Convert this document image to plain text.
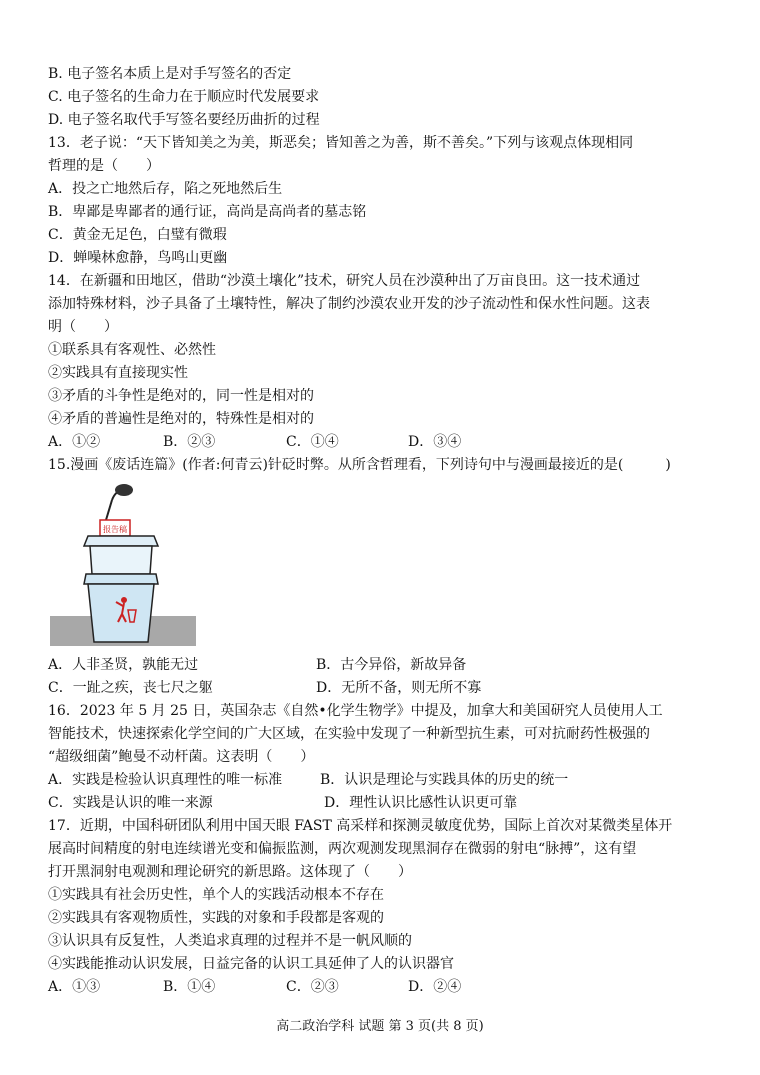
B. 电子签名本质上是对手写签名的否定
C. 电子签名的生命力在于顺应时代发展要求
D. 电子签名取代手写签名要经历曲折的过程
13．老子说：“天下皆知美之为美，斯恶矣；皆知善之为善，斯不善矣。”下列与该观点体现相同
哲理的是（　　）
A．投之亡地然后存，陷之死地然后生
B．卑鄙是卑鄙者的通行证，高尚是高尚者的墓志铭
C．黄金无足色，白璧有微瑕
D．蝉噪林愈静，鸟鸣山更幽
14．在新疆和田地区，借助“沙漠土壤化”技术，研究人员在沙漠种出了万亩良田。这一技术通过
添加特殊材料，沙子具备了土壤特性，解决了制约沙漠农业开发的沙子流动性和保水性问题。这表
明（　　）
①联系具有客观性、必然性
②实践具有直接现实性
③矛盾的斗争性是绝对的，同一性是相对的
④矛盾的普遍性是绝对的，特殊性是相对的
A．①②	B．②③	C．①④	D．③④
15.漫画《废话连篇》(作者:何青云)针砭时弊。从所含哲理看，下列诗句中与漫画最接近的是(　　　)
报告稿
A．人非圣贤，孰能无过	B．古今异俗，新故异备
C．一趾之疾，丧七尺之躯	D．无所不备，则无所不寡
16．2023 年 5 月 25 日，英国杂志《自然•化学生物学》中提及，加拿大和美国研究人员使用人工
智能技术，快速探索化学空间的广大区域，在实验中发现了一种新型抗生素，可对抗耐药性极强的
“超级细菌”鲍曼不动杆菌。这表明（　　）
A．实践是检验认识真理性的唯一标准	B．认识是理论与实践具体的历史的统一
C．实践是认识的唯一来源	D．理性认识比感性认识更可靠
17．近期，中国科研团队利用中国天眼 FAST 高采样和探测灵敏度优势，国际上首次对某微类星体开
展高时间精度的射电连续谱光变和偏振监测，两次观测发现黑洞存在微弱的射电“脉搏”，这有望
打开黑洞射电观测和理论研究的新思路。这体现了（　　）
①实践具有社会历史性，单个人的实践活动根本不存在
②实践具有客观物质性，实践的对象和手段都是客观的
③认识具有反复性，人类追求真理的过程并不是一帆风顺的
④实践能推动认识发展，日益完备的认识工具延伸了人的认识器官
A．①③	B．①④	C．②③	D．②④
高二政治学科 试题 第 3 页(共 8 页)
